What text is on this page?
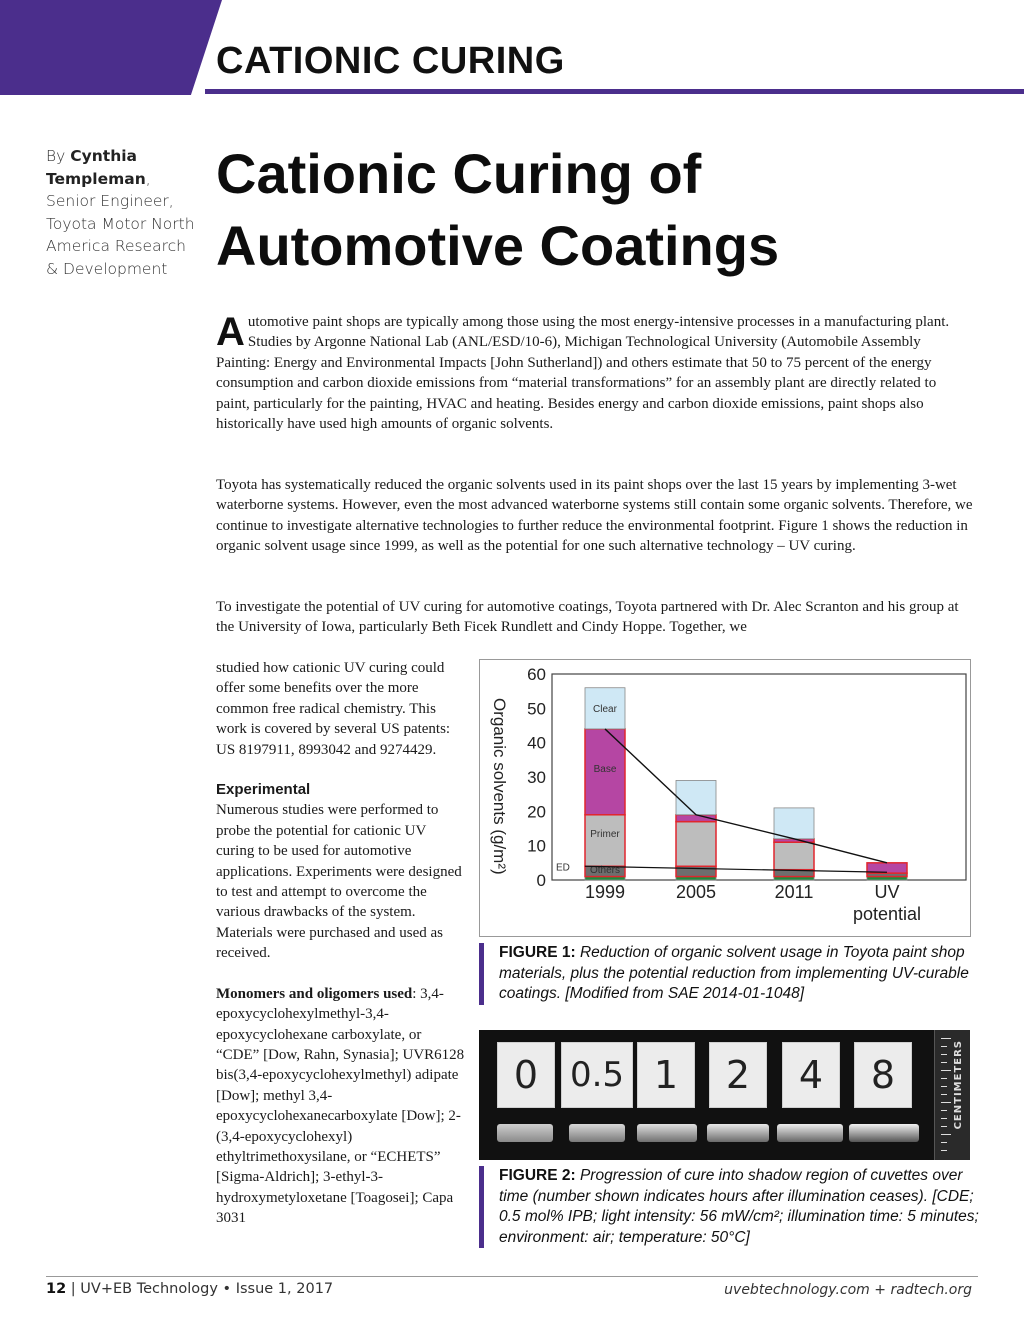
CATIONIC CURING
By Cynthia Templeman, Senior Engineer, Toyota Motor North America Research & Development
Cationic Curing of
Automotive Coatings
Automotive paint shops are typically among those using the most energy-intensive processes in a manufacturing plant. Studies by Argonne National Lab (ANL/ESD/10-6), Michigan Technological University (Automobile Assembly Painting: Energy and Environmental Impacts [John Sutherland]) and others estimate that 50 to 75 percent of the energy consumption and carbon dioxide emissions from “material transformations” for an assembly plant are directly related to paint, particularly for the painting, HVAC and heating. Besides energy and carbon dioxide emissions, paint shops also historically have used high amounts of organic solvents.
Toyota has systematically reduced the organic solvents used in its paint shops over the last 15 years by implementing 3-wet waterborne systems. However, even the most advanced waterborne systems still contain some organic solvents. Therefore, we continue to investigate alternative technologies to further reduce the environmental footprint. Figure 1 shows the reduction in organic solvent usage since 1999, as well as the potential for one such alternative technology – UV curing.
To investigate the potential of UV curing for automotive coatings, Toyota partnered with Dr. Alec Scranton and his group at the University of Iowa, particularly Beth Ficek Rundlett and Cindy Hoppe. Together, we

studied how cationic UV curing could offer some benefits over the more common free radical chemistry. This work is covered by several US patents: US 8197911, 8993042 and 9274429.

Experimental

Numerous studies were performed to probe the potential for cationic UV curing to be used for automotive applications. Experiments were designed to test and attempt to overcome the various drawbacks of the system. Materials were purchased and used as received.

Monomers and oligomers used: 3,4-epoxycyclohexylmethyl-3,4-epoxycyclohexane carboxylate, or “CDE” [Dow, Rahn, Synasia]; UVR6128 bis(3,4-epoxycyclohexylmethyl) adipate [Dow]; methyl 3,4-epoxycyclohexanecarboxylate [Dow]; 2-(3,4-epoxycyclohexyl) ethyltrimethoxysilane, or “ECHETS” [Sigma-Aldrich]; 3-ethyl-3-hydroxymetyloxetane [Toagosei]; Capa 3031

0
10
20
30
40
50
60
Organic solvents (g/m²)	Clear
Base
Primer
Others
ED
1999	2005	2011	UV
potential
FIGURE 1: Reduction of organic solvent usage in Toyota paint shop materials, plus the potential reduction from implementing UV-curable coatings. [Modified from SAE 2014-01-1048]
0 0.5 1	2	4	8	CENTIMETERS
FIGURE 2: Progression of cure into shadow region of cuvettes over time (number shown indicates hours after illumination ceases). [CDE; 0.5 mol% IPB; light intensity: 56 mW/cm²; illumination time: 5 minutes; environment: air; temperature: 50°C]
12 | UV+EB Technology • Issue 1, 2017	uvebtechnology.com + radtech.org
